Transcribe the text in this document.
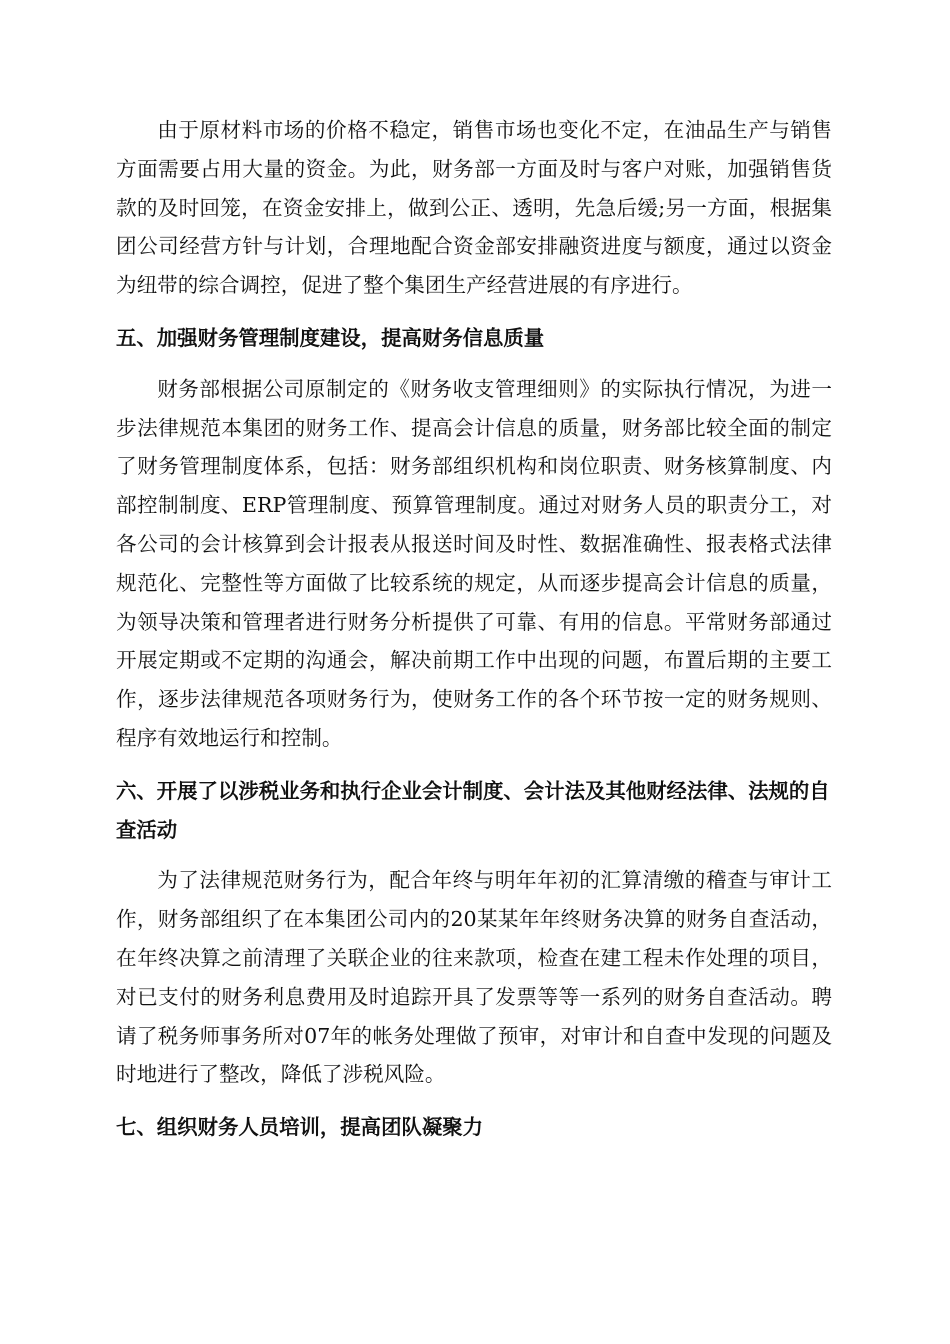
由于原材料市场的价格不稳定，销售市场也变化不定，在油品生产与销售方面需要占用大量的资金。为此，财务部一方面及时与客户对账，加强销售货款的及时回笼，在资金安排上，做到公正、透明，先急后缓;另一方面，根据集团公司经营方针与计划，合理地配合资金部安排融资进度与额度，通过以资金为纽带的综合调控，促进了整个集团生产经营进展的有序进行。

五、加强财务管理制度建设，提高财务信息质量

财务部根据公司原制定的《财务收支管理细则》的实际执行情况，为进一步法律规范本集团的财务工作、提高会计信息的质量，财务部比较全面的制定了财务管理制度体系，包括：财务部组织机构和岗位职责、财务核算制度、内部控制制度、ERP管理制度、预算管理制度。通过对财务人员的职责分工，对各公司的会计核算到会计报表从报送时间及时性、数据准确性、报表格式法律规范化、完整性等方面做了比较系统的规定，从而逐步提高会计信息的质量，为领导决策和管理者进行财务分析提供了可靠、有用的信息。平常财务部通过开展定期或不定期的沟通会，解决前期工作中出现的问题，布置后期的主要工作，逐步法律规范各项财务行为，使财务工作的各个环节按一定的财务规则、程序有效地运行和控制。

六、开展了以涉税业务和执行企业会计制度、会计法及其他财经法律、法规的自查活动

为了法律规范财务行为，配合年终与明年年初的汇算清缴的稽查与审计工作，财务部组织了在本集团公司内的20某某年年终财务决算的财务自查活动，在年终决算之前清理了关联企业的往来款项，检查在建工程未作处理的项目，对已支付的财务利息费用及时追踪开具了发票等等一系列的财务自查活动。聘请了税务师事务所对07年的帐务处理做了预审，对审计和自查中发现的问题及时地进行了整改，降低了涉税风险。

七、组织财务人员培训，提高团队凝聚力
